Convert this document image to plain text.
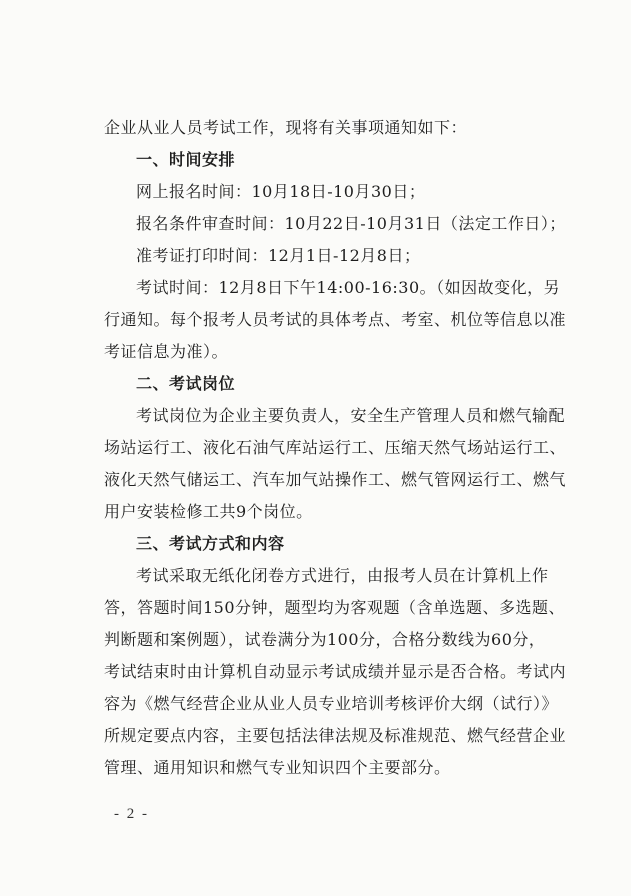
企业从业人员考试工作，现将有关事项通知如下：
一、时间安排
网上报名时间：10月18日-10月30日；
报名条件审查时间：10月22日-10月31日（法定工作日）；
准考证打印时间：12月1日-12月8日；
考试时间：12月8日下午14:00-16:30。（如因故变化，另
行通知。每个报考人员考试的具体考点、考室、机位等信息以准
考证信息为准）。
二、考试岗位
考试岗位为企业主要负责人，安全生产管理人员和燃气输配
场站运行工、液化石油气库站运行工、压缩天然气场站运行工、
液化天然气储运工、汽车加气站操作工、燃气管网运行工、燃气
用户安装检修工共9个岗位。
三、考试方式和内容
考试采取无纸化闭卷方式进行，由报考人员在计算机上作
答，答题时间150分钟，题型均为客观题（含单选题、多选题、
判断题和案例题），试卷满分为100分，合格分数线为60分，
考试结束时由计算机自动显示考试成绩并显示是否合格。考试内
容为《燃气经营企业从业人员专业培训考核评价大纲（试行）》
所规定要点内容，主要包括法律法规及标准规范、燃气经营企业
管理、通用知识和燃气专业知识四个主要部分。
- 2 -
